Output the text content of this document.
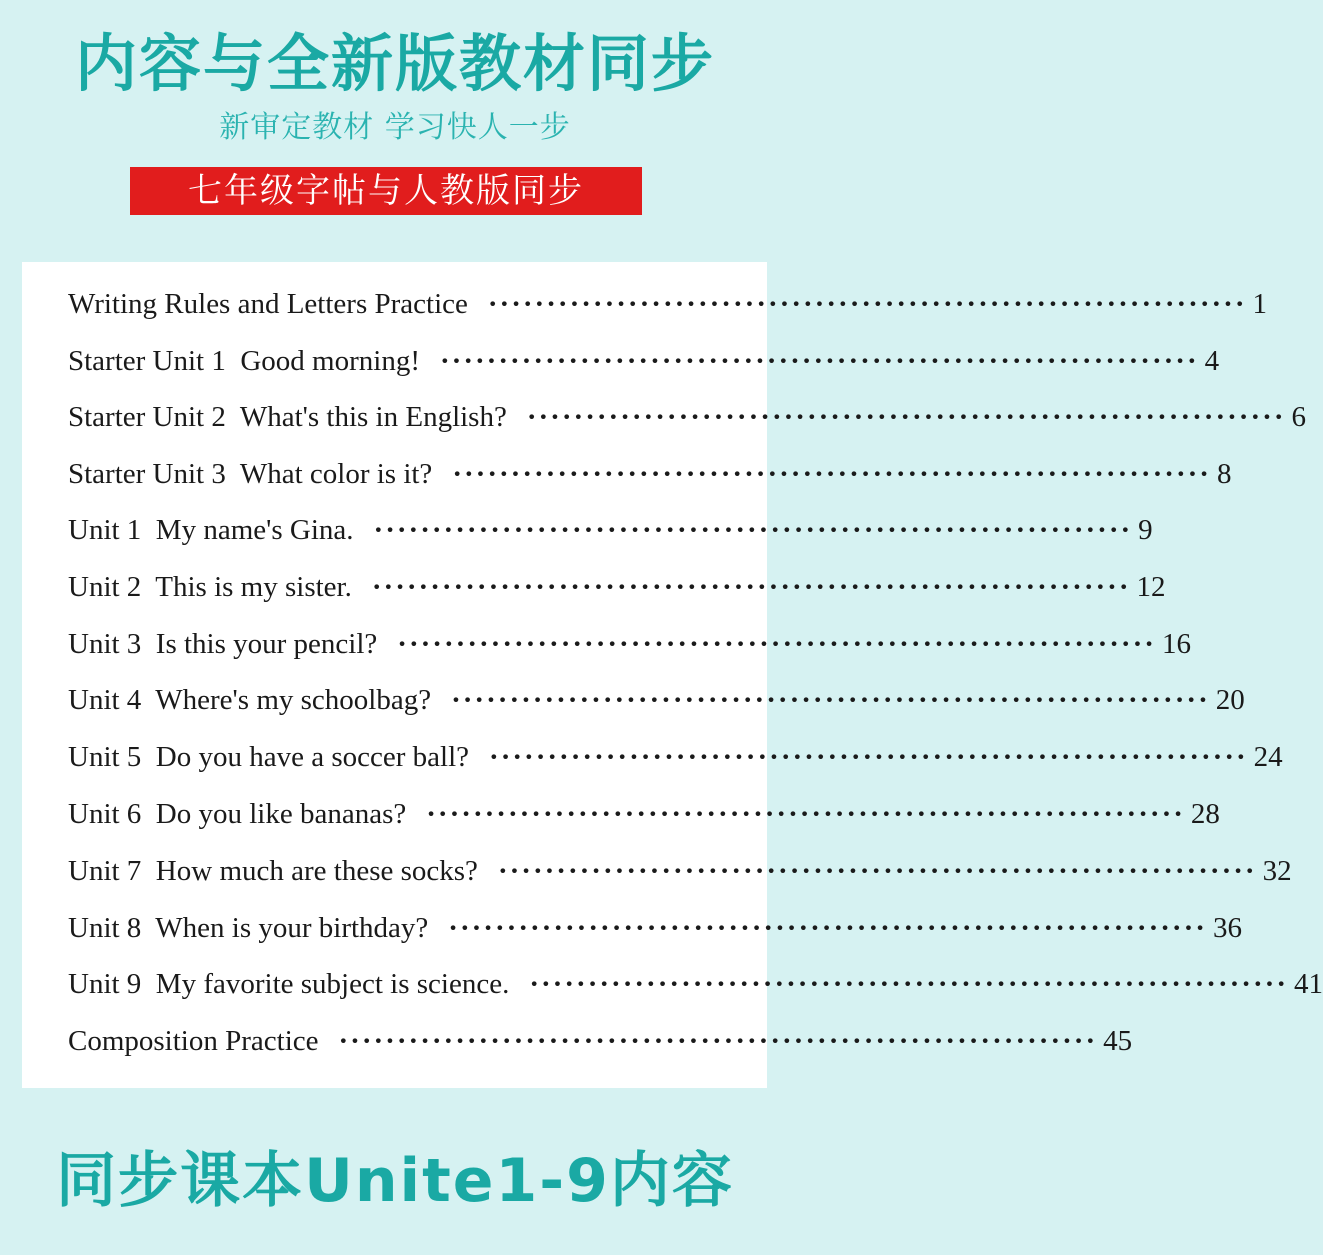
内容与全新版教材同步
新审定教材 学习快人一步
七年级字帖与人教版同步
Writing Rules and Letters Practice ································································· 1
Starter Unit 1  Good morning! ································································· 4
Starter Unit 2  What's this in English? ································································· 6
Starter Unit 3  What color is it? ································································· 8
Unit 1  My name's Gina. ································································· 9
Unit 2  This is my sister. ································································· 12
Unit 3  Is this your pencil? ································································· 16
Unit 4  Where's my schoolbag? ································································· 20
Unit 5  Do you have a soccer ball? ································································· 24
Unit 6  Do you like bananas? ································································· 28
Unit 7  How much are these socks? ································································· 32
Unit 8  When is your birthday? ································································· 36
Unit 9  My favorite subject is science. ································································· 41
Composition Practice ································································· 45
同步课本Unite1-9内容
